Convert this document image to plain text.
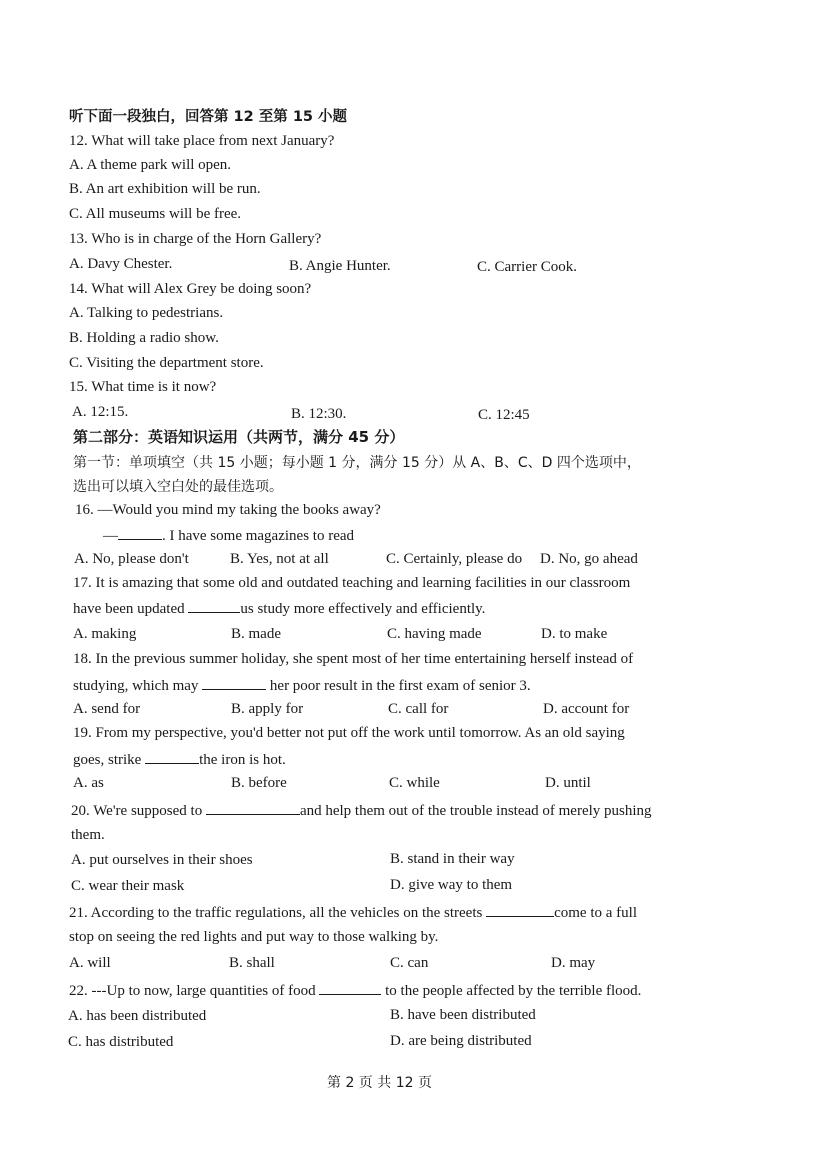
听下面一段独白，回答第 12 至第 15 小题
12. What will take place from next January?
A. A theme park will open.
B. An art exhibition will be run.
C. All museums will be free.
13. Who is in charge of the Horn Gallery?
A. Davy Chester.	B. Angie Hunter.	C. Carrier Cook.
14. What will Alex Grey be doing soon?
A. Talking to pedestrians.
B. Holding a radio show.
C. Visiting the department store.
15. What time is it now?
A. 12:15.	B. 12:30.	C. 12:45
第二部分：英语知识运用（共两节，满分 45 分）
第一节：单项填空（共 15 小题；每小题 1 分，满分 15 分）从 A、B、C、D 四个选项中，
选出可以填入空白处的最佳选项。
16. —Would you mind my taking the books away?
—	. I have some magazines to read
A. No, please don't	B. Yes, not at all	C. Certainly, please do D. No, go ahead
17. It is amazing that some old and outdated teaching and learning facilities in our classroom
have been updated	us study more effectively and efficiently.
A. making	B. made	C. having made	D. to make
18. In the previous summer holiday, she spent most of her time entertaining herself instead of
studying, which may	her poor result in the first exam of senior 3.
A. send for	B. apply for	C. call for	D. account for
19. From my perspective, you'd better not put off the work until tomorrow. As an old saying
goes, strike	the iron is hot.
A. as	B. before	C. while	D. until
20. We're supposed to	and help them out of the trouble instead of merely pushing
them.
A. put ourselves in their shoes	B. stand in their way
C. wear their mask	D. give way to them
21. According to the traffic regulations, all the vehicles on the streets	come to a full
stop on seeing the red lights and put way to those walking by.
A. will	B. shall	C. can	D. may
22. ---Up to now, large quantities of food	to the people affected by the terrible flood.
A. has been distributed	B. have been distributed
C. has distributed	D. are being distributed
第 2 页 共 12 页
